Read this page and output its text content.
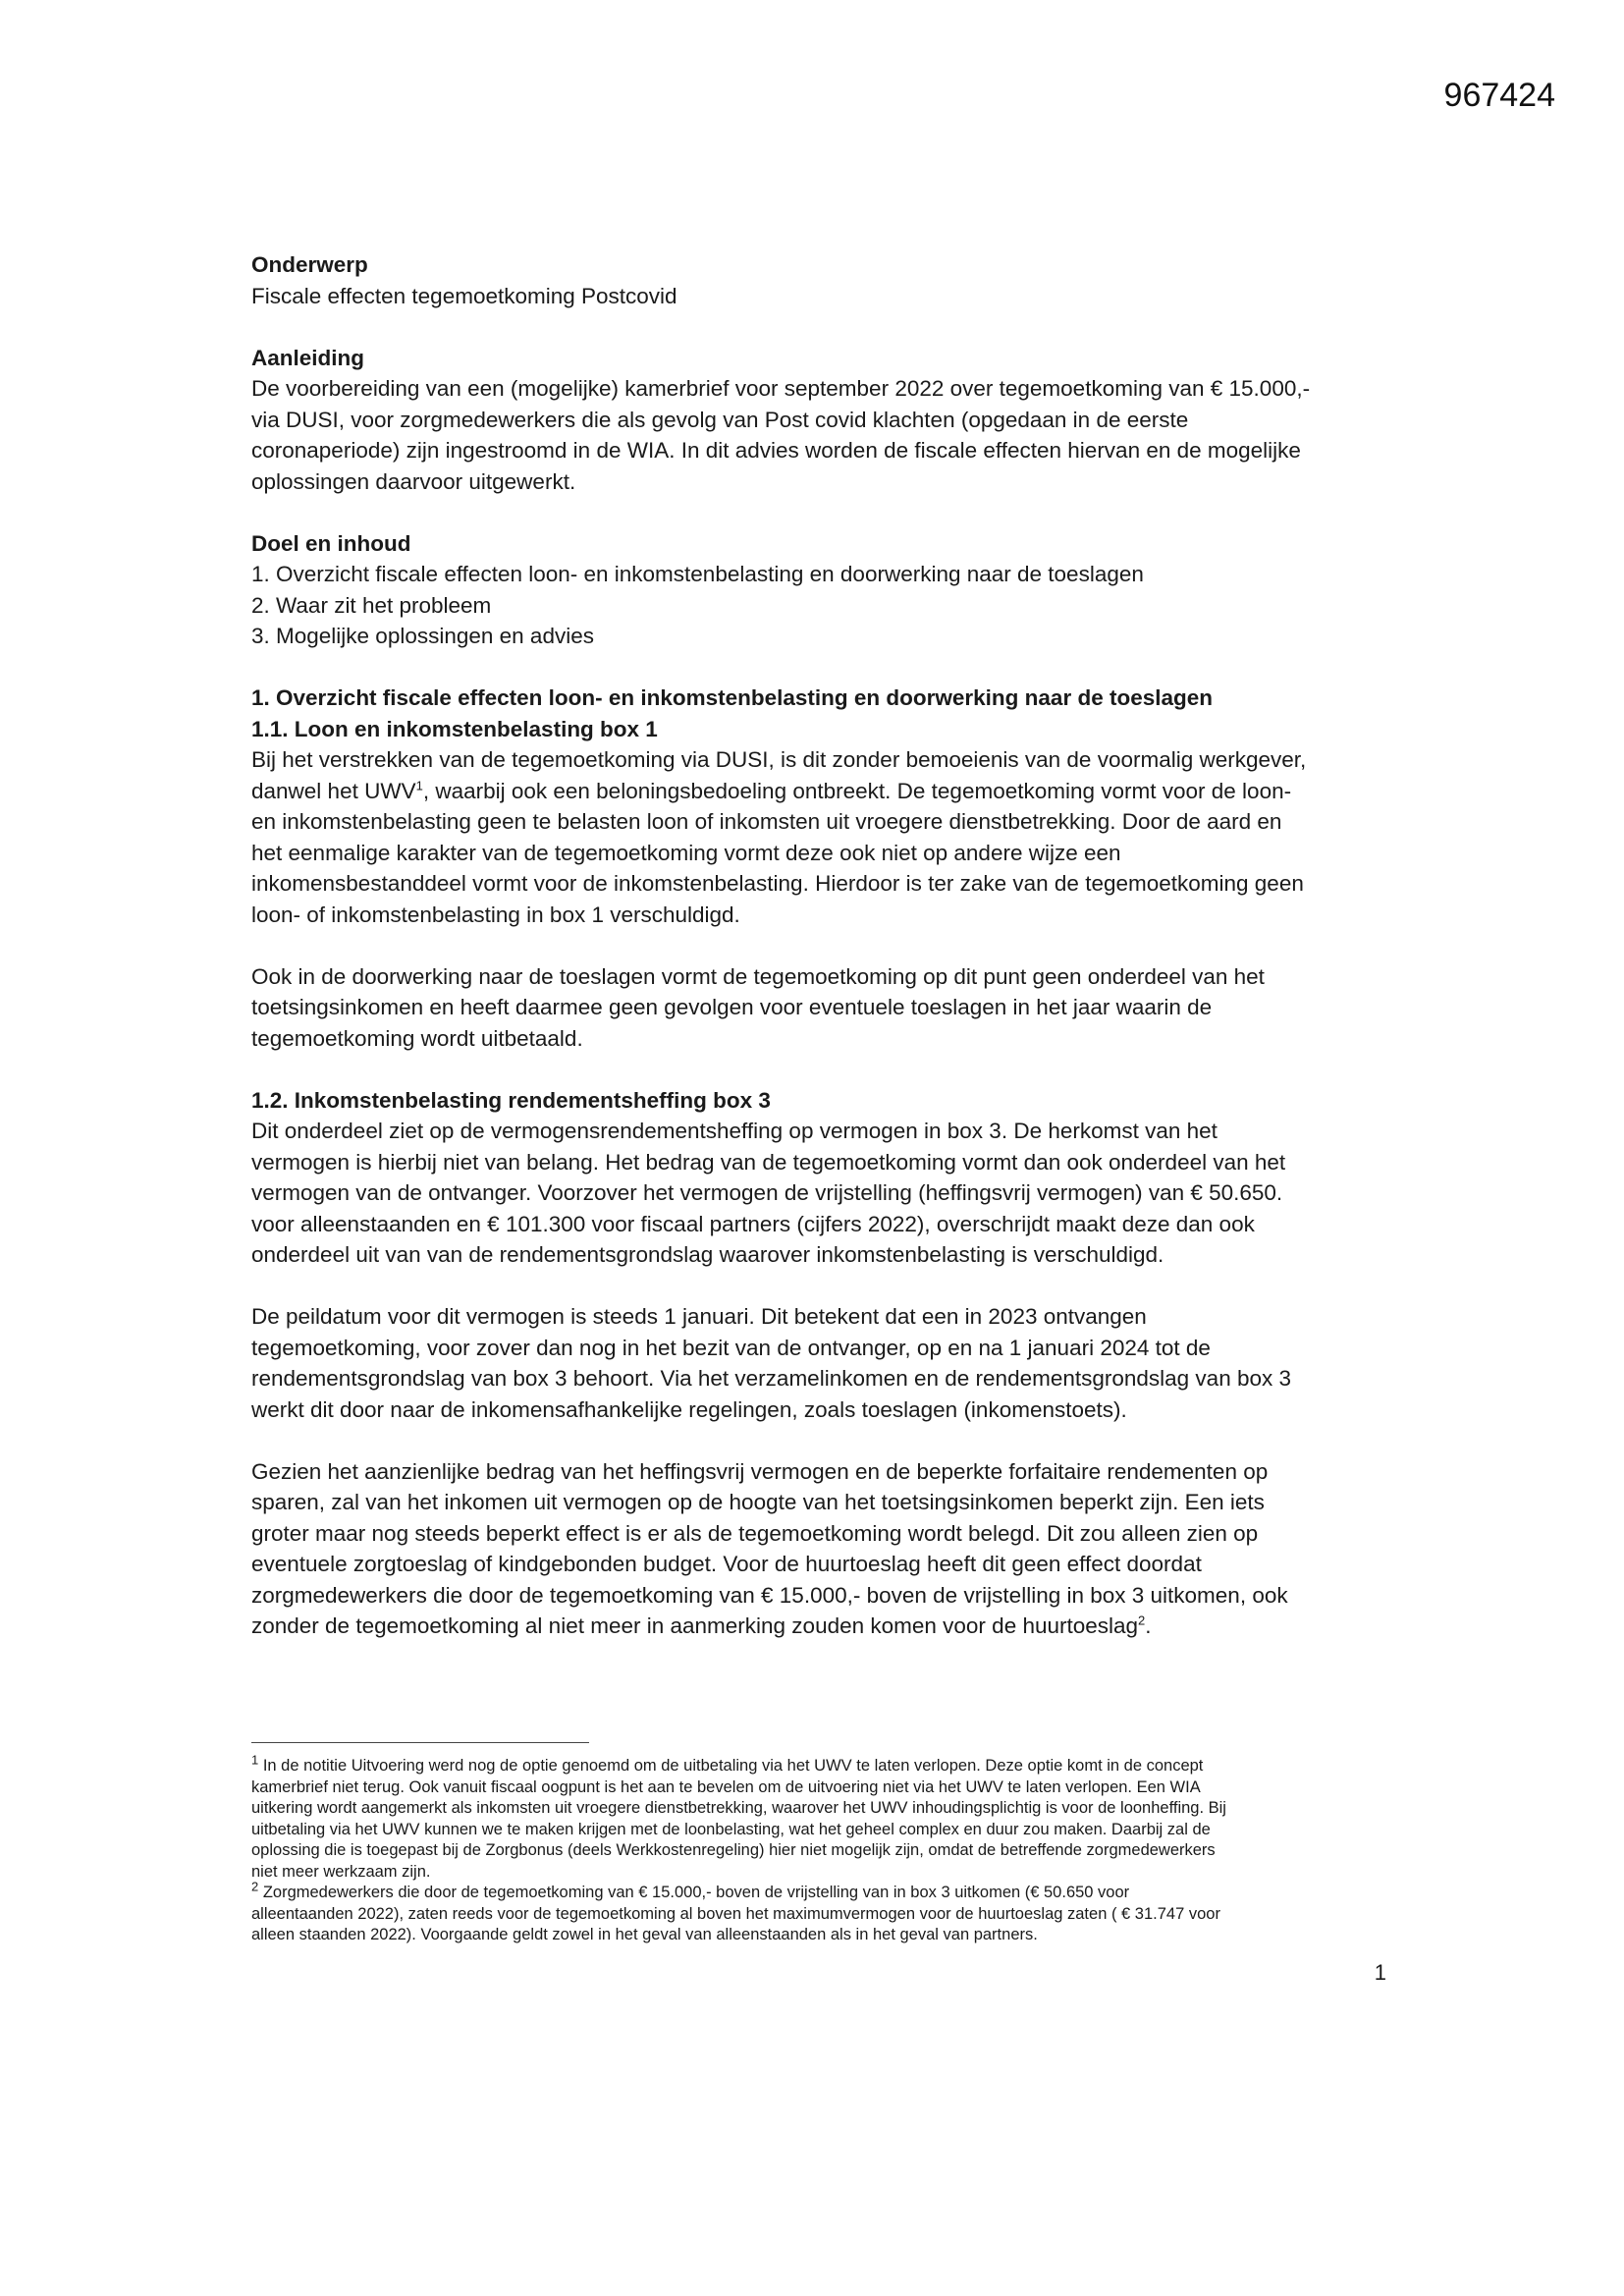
967424

Onderwerp

Fiscale effecten tegemoetkoming Postcovid

Aanleiding

De voorbereiding van een (mogelijke) kamerbrief voor september 2022 over tegemoetkoming van € 15.000,-

via DUSI, voor zorgmedewerkers die als gevolg van Post covid klachten (opgedaan in de eerste

coronaperiode) zijn ingestroomd in de WIA. In dit advies worden de fiscale effecten hiervan en de mogelijke

oplossingen daarvoor uitgewerkt.

Doel en inhoud

1. Overzicht fiscale effecten loon- en inkomstenbelasting en doorwerking naar de toeslagen

2. Waar zit het probleem

3. Mogelijke oplossingen en advies

1. Overzicht fiscale effecten loon- en inkomstenbelasting en doorwerking naar de toeslagen

1.1. Loon en inkomstenbelasting box 1

Bij het verstrekken van de tegemoetkoming via DUSI, is dit zonder bemoeienis van de voormalig werkgever,

danwel het UWV$^1$, waarbij ook een beloningsbedoeling ontbreekt. De tegemoetkoming vormt voor de loon-

en inkomstenbelasting geen te belasten loon of inkomsten uit vroegere dienstbetrekking. Door de aard en

het eenmalige karakter van de tegemoetkoming vormt deze ook niet op andere wijze een

inkomensbestanddeel vormt voor de inkomstenbelasting. Hierdoor is ter zake van de tegemoetkoming geen

loon- of inkomstenbelasting in box 1 verschuldigd.

Ook in de doorwerking naar de toeslagen vormt de tegemoetkoming op dit punt geen onderdeel van het

toetsingsinkomen en heeft daarmee geen gevolgen voor eventuele toeslagen in het jaar waarin de

tegemoetkoming wordt uitbetaald.

1.2. Inkomstenbelasting rendementsheffing box 3

Dit onderdeel ziet op de vermogensrendementsheffing op vermogen in box 3. De herkomst van het

vermogen is hierbij niet van belang. Het bedrag van de tegemoetkoming vormt dan ook onderdeel van het

vermogen van de ontvanger. Voorzover het vermogen de vrijstelling (heffingsvrij vermogen) van € 50.650.

voor alleenstaanden en € 101.300 voor fiscaal partners (cijfers 2022), overschrijdt maakt deze dan ook

onderdeel uit van van de rendementsgrondslag waarover inkomstenbelasting is verschuldigd.

De peildatum voor dit vermogen is steeds 1 januari. Dit betekent dat een in 2023 ontvangen

tegemoetkoming, voor zover dan nog in het bezit van de ontvanger, op en na 1 januari 2024 tot de

rendementsgrondslag van box 3 behoort. Via het verzamelinkomen en de rendementsgrondslag van box 3

werkt dit door naar de inkomensafhankelijke regelingen, zoals toeslagen (inkomenstoets).

Gezien het aanzienlijke bedrag van het heffingsvrij vermogen en de beperkte forfaitaire rendementen op

sparen, zal van het inkomen uit vermogen op de hoogte van het toetsingsinkomen beperkt zijn. Een iets

groter maar nog steeds beperkt effect is er als de tegemoetkoming wordt belegd. Dit zou alleen zien op

eventuele zorgtoeslag of kindgebonden budget. Voor de huurtoeslag heeft dit geen effect doordat

zorgmedewerkers die door de tegemoetkoming van € 15.000,- boven de vrijstelling in box 3 uitkomen, ook

zonder de tegemoetkoming al niet meer in aanmerking zouden komen voor de huurtoeslag$^2$.

$^1$ In de notitie Uitvoering werd nog de optie genoemd om de uitbetaling via het UWV te laten verlopen. Deze optie komt in de concept

kamerbrief niet terug. Ook vanuit fiscaal oogpunt is het aan te bevelen om de uitvoering niet via het UWV te laten verlopen. Een WIA

uitkering wordt aangemerkt als inkomsten uit vroegere dienstbetrekking, waarover het UWV inhoudingsplichtig is voor de loonheffing. Bij

uitbetaling via het UWV kunnen we te maken krijgen met de loonbelasting, wat het geheel complex en duur zou maken. Daarbij zal de

oplossing die is toegepast bij de Zorgbonus (deels Werkkostenregeling) hier niet mogelijk zijn, omdat de betreffende zorgmedewerkers

niet meer werkzaam zijn.

$^2$ Zorgmedewerkers die door de tegemoetkoming van € 15.000,- boven de vrijstelling van in box 3 uitkomen (€ 50.650 voor

alleentaanden 2022), zaten reeds voor de tegemoetkoming al boven het maximumvermogen voor de huurtoeslag zaten ( € 31.747 voor

alleen staanden 2022). Voorgaande geldt zowel in het geval van alleenstaanden als in het geval van partners.

1
